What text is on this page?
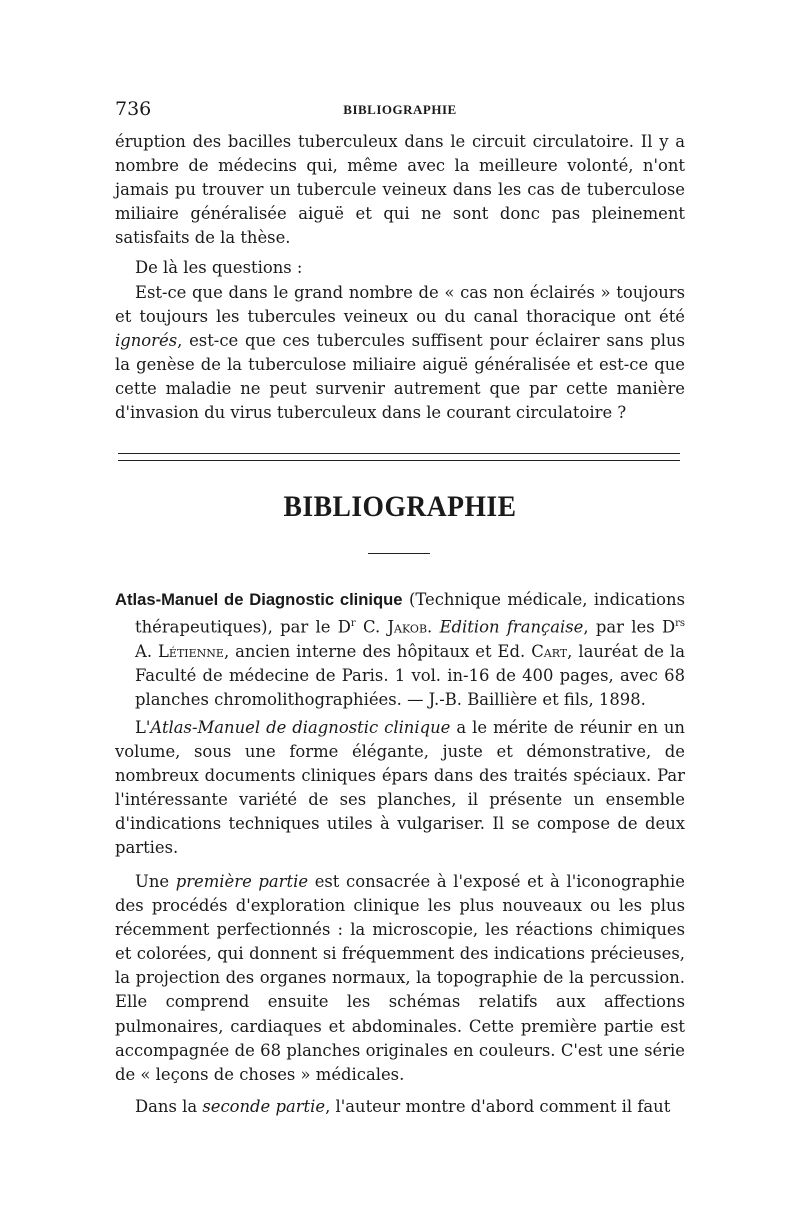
736	BIBLIOGRAPHIE

éruption des bacilles tuberculeux dans le circuit circulatoire. Il y a nombre de médecins qui, même avec la meilleure volonté, n'ont jamais pu trouver un tubercule veineux dans les cas de tuberculose miliaire généralisée aiguë et qui ne sont donc pas pleinement satisfaits de la thèse.

De là les questions :

Est-ce que dans le grand nombre de « cas non éclairés » toujours et toujours les tubercules veineux ou du canal thoracique ont été ignorés, est-ce que ces tubercules suffisent pour éclairer sans plus la genèse de la tuberculose miliaire aiguë généralisée et est-ce que cette maladie ne peut survenir autrement que par cette manière d'invasion du virus tuberculeux dans le courant circulatoire ?

BIBLIOGRAPHIE

Atlas-Manuel de Diagnostic clinique (Technique médicale, indications thérapeutiques), par le $D^r$ C. Jakob. Edition française, par les $D^{rs}$ A. Létienne, ancien interne des hôpitaux et Ed. Cart, lauréat de la Faculté de médecine de Paris. 1 vol. in-16 de 400 pages, avec 68 planches chromolithographiées. — J.-B. Baillière et fils, 1898.

L'Atlas-Manuel de diagnostic clinique a le mérite de réunir en un volume, sous une forme élégante, juste et démonstrative, de nombreux documents cliniques épars dans des traités spéciaux. Par l'intéressante variété de ses planches, il présente un ensemble d'indications techniques utiles à vulgariser. Il se compose de deux parties.

Une première partie est consacrée à l'exposé et à l'iconographie des procédés d'exploration clinique les plus nouveaux ou les plus récemment perfectionnés : la microscopie, les réactions chimiques et colorées, qui donnent si fréquemment des indications précieuses, la projection des organes normaux, la topographie de la percussion. Elle comprend ensuite les schémas relatifs aux affections pulmonaires, cardiaques et abdominales. Cette première partie est accompagnée de 68 planches originales en couleurs. C'est une série de « leçons de choses » médicales.

Dans la seconde partie, l'auteur montre d'abord comment il faut
